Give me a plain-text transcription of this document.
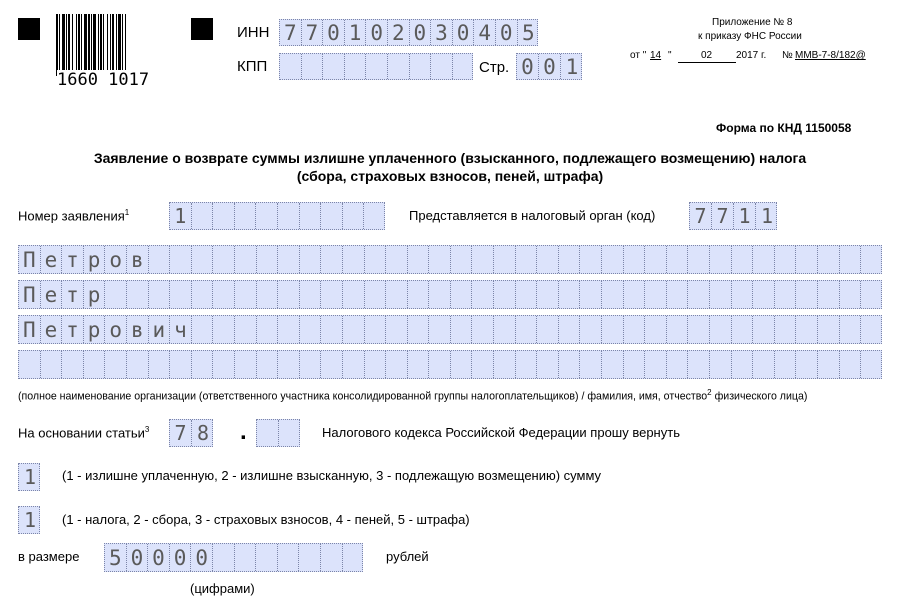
1660 1017
ИНН 7 7 0 1 0 2 0 3 0 4 0 5
КПП	Стр. 0 0 1
Приложение № 8
к приказу ФНС России
от " 14 "	02 2017 г. № ММВ-7-8/182@
Форма по КНД 1150058
Заявление о возврате суммы излишне уплаченного (взысканного, подлежащего возмещению) налога
(сбора, страховых взносов, пеней, штрафа)
Номер заявления$^1$ 1	Представляется в налоговый орган (код) 7 7 1 1
П е т р о в
П е т р
П е т р о в и ч
(полное наименование организации (ответственного участника консолидированной группы налогоплательщиков) / фамилия, имя, отчество$^2$ физического лица)
На основании статьи$^3$ 7 8 .	Налогового кодекса Российской Федерации прошу вернуть
1	(1 - излишне уплаченную, 2 - излишне взысканную, 3 - подлежащую возмещению) сумму
1	(1 - налога, 2 - сбора, 3 - страховых взносов, 4 - пеней, 5 - штрафа)
в размере 5 0 0 0 0	рублей
(цифрами)
